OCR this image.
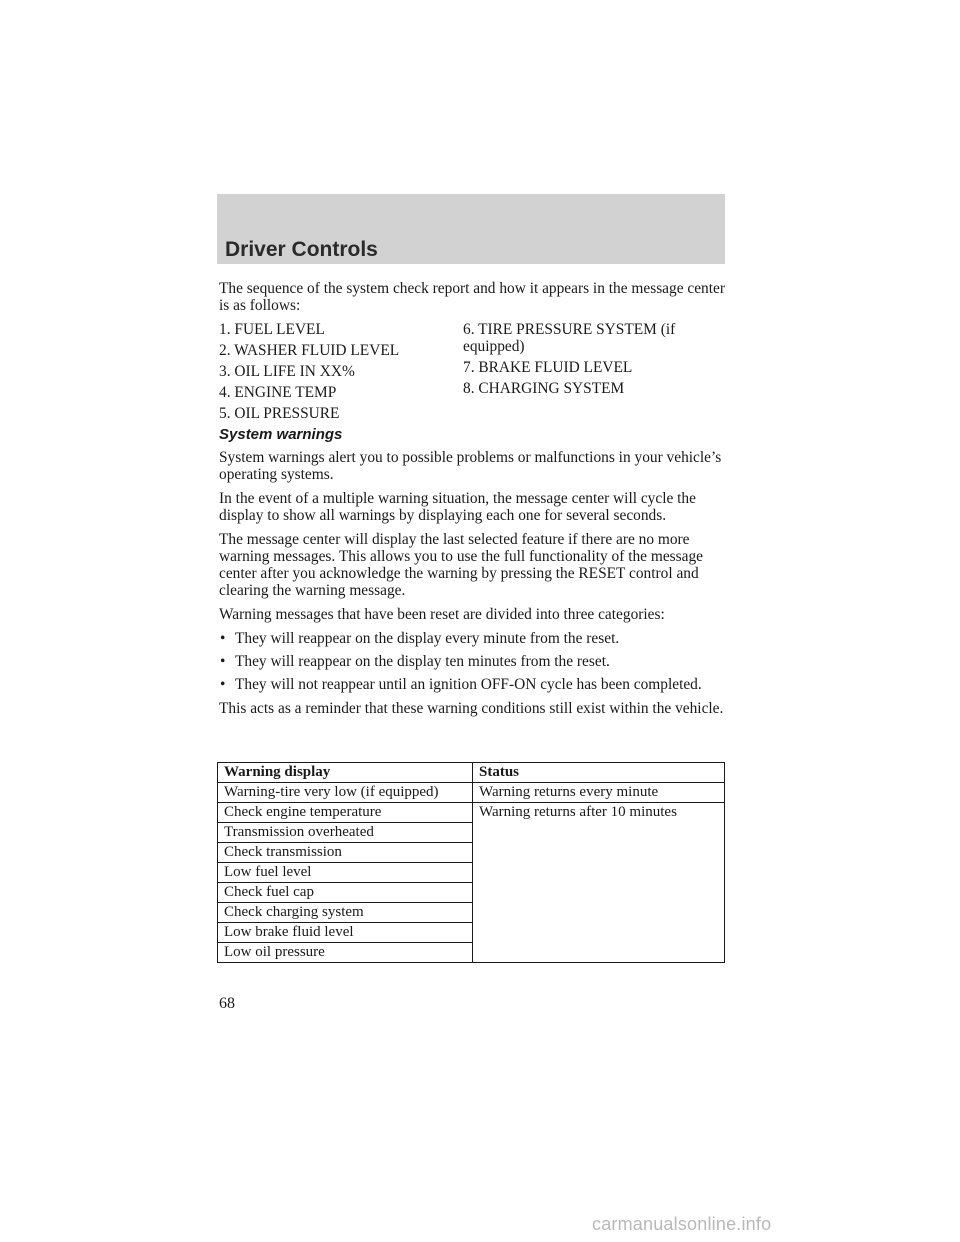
Driver Controls

The sequence of the system check report and how it appears in the message center is as follows:

1. FUEL LEVEL
2. WASHER FLUID LEVEL
3. OIL LIFE IN XX%
4. ENGINE TEMP
5. OIL PRESSURE
6. TIRE PRESSURE SYSTEM (if equipped)
7. BRAKE FLUID LEVEL
8. CHARGING SYSTEM
System warnings

System warnings alert you to possible problems or malfunctions in your vehicle’s operating systems.

In the event of a multiple warning situation, the message center will cycle the display to show all warnings by displaying each one for several seconds.

The message center will display the last selected feature if there are no more warning messages. This allows you to use the full functionality of the message center after you acknowledge the warning by pressing the RESET control and clearing the warning message.

Warning messages that have been reset are divided into three categories:

• They will reappear on the display every minute from the reset.
• They will reappear on the display ten minutes from the reset.
• They will not reappear until an ignition OFF-ON cycle has been completed.

This acts as a reminder that these warning conditions still exist within the vehicle.

Warning display	Status
Warning-tire very low (if equipped)	Warning returns every minute
Check engine temperature	Warning returns after 10 minutes
Transmission overheated	
Check transmission	
Low fuel level	
Check fuel cap	
Check charging system	
Low brake fluid level	
Low oil pressure	
68
carmanualsonline.info
